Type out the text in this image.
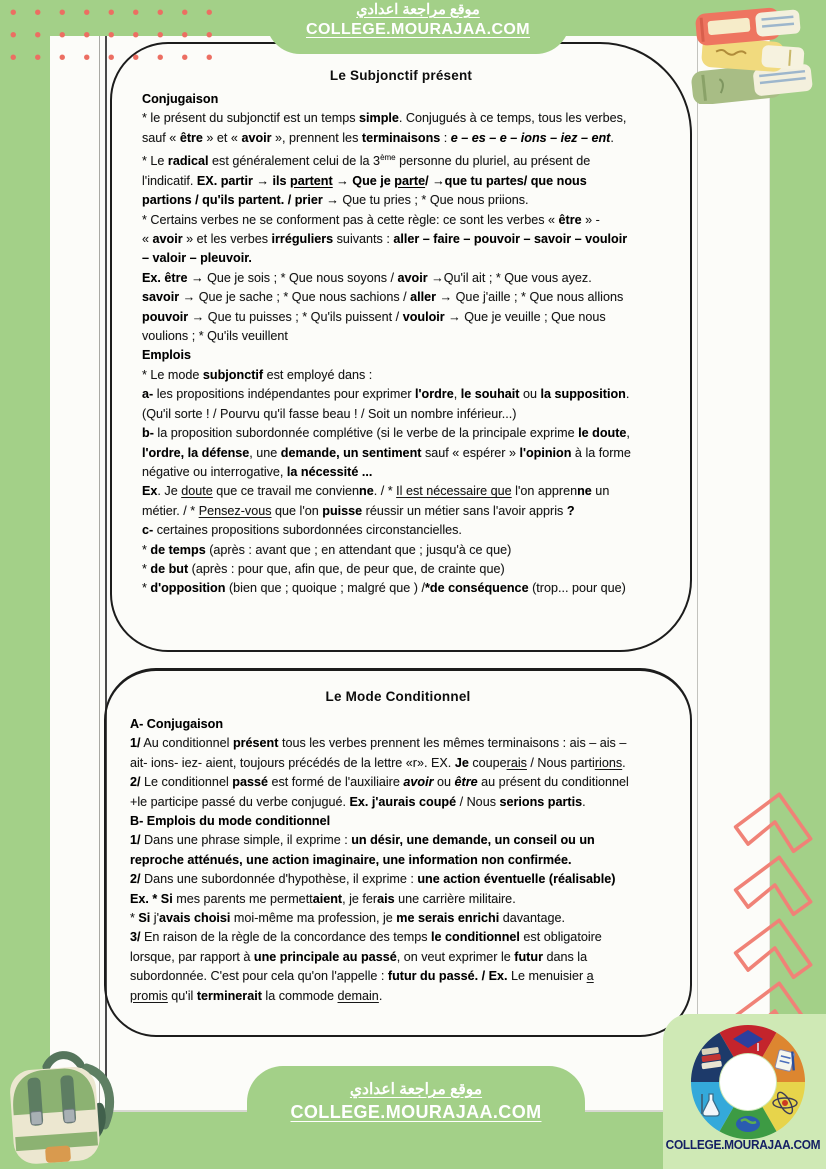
Le Subjonctif présent
Conjugaison
* le présent du subjonctif est un temps simple. Conjugués à ce temps, tous les verbes,
sauf « être » et « avoir », prennent les terminaisons : e – es – e – ions – iez – ent.
* Le radical est généralement celui de la 3ème personne du pluriel, au présent de
l'indicatif. EX. partir → ils partent → Que je parte/ →que tu partes/ que nous
partions / qu'ils partent. / prier → Que tu pries ; * Que nous priions.
* Certains verbes ne se conforment pas à cette règle: ce sont les verbes « être » -
« avoir » et les verbes irréguliers suivants : aller – faire – pouvoir – savoir – vouloir
– valoir – pleuvoir.
Ex. être → Que je sois ; * Que nous soyons / avoir →Qu'il ait ; * Que vous ayez.
savoir → Que je sache ; * Que nous sachions / aller → Que j'aille ; * Que nous allions
pouvoir → Que tu puisses ; * Qu'ils puissent / vouloir → Que je veuille ; Que nous
voulions ; * Qu'ils veuillent
Emplois
* Le mode subjonctif est employé dans :
a- les propositions indépendantes pour exprimer l'ordre, le souhait ou la supposition.
(Qu'il sorte ! / Pourvu qu'il fasse beau ! / Soit un nombre inférieur...)
b- la proposition subordonnée complétive (si le verbe de la principale exprime le doute,
l'ordre, la défense, une demande, un sentiment sauf « espérer » l'opinion à la forme
négative ou interrogative, la nécessité ...
Ex. Je doute que ce travail me convienne. / * Il est nécessaire que l'on apprenne un
métier. / * Pensez-vous que l'on puisse réussir un métier sans l'avoir appris ?
c- certaines propositions subordonnées circonstancielles.
* de temps (après : avant que ; en attendant que ; jusqu'à ce que)
* de but (après : pour que, afin que, de peur que, de crainte que)
* d'opposition (bien que ; quoique ; malgré que ) /*de conséquence (trop... pour que)
Le Mode Conditionnel
A- Conjugaison
1/ Au conditionnel présent tous les verbes prennent les mêmes terminaisons : ais – ais –
ait- ions- iez- aient, toujours précédés de la lettre «r». EX. Je couperais / Nous partirions.
2/ Le conditionnel passé est formé de l'auxiliaire avoir ou être au présent du conditionnel
+le participe passé du verbe conjugué. Ex. j'aurais coupé / Nous serions partis.
B- Emplois du mode conditionnel
1/ Dans une phrase simple, il exprime : un désir, une demande, un conseil ou un
reproche atténués, une action imaginaire, une information non confirmée.
2/ Dans une subordonnée d'hypothèse, il exprime : une action éventuelle (réalisable)
Ex. * Si mes parents me permettaient, je ferais une carrière militaire.
* Si j'avais choisi moi-même ma profession, je me serais enrichi davantage.
3/ En raison de la règle de la concordance des temps le conditionnel est obligatoire
lorsque, par rapport à une principale au passé, on veut exprimer le futur dans la
subordonnée. C'est pour cela qu'on l'appelle : futur du passé. / Ex. Le menuisier a
promis qu'il terminerait la commode demain.
موقع مراجعة اعدادي
COLLEGE.MOURAJAA.COM
موقع مراجعة اعدادي
COLLEGE.MOURAJAA.COM
COLLEGE.MOURAJAA.COM
